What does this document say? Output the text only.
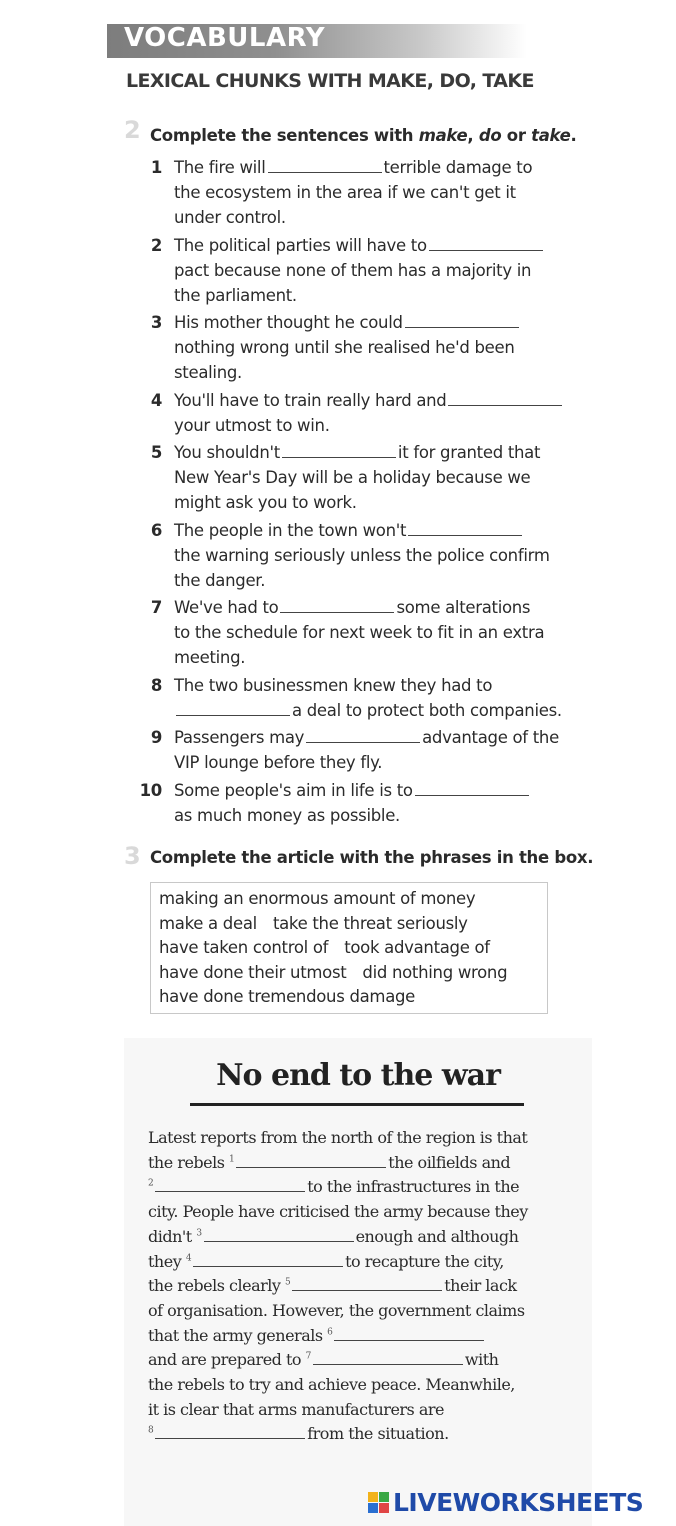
VOCABULARY
LEXICAL CHUNKS WITH MAKE, DO, TAKE
2 Complete the sentences with make, do or take.
1 The fire will	terrible damage to
the ecosystem in the area if we can't get it
under control.
2 The political parties will have to
pact because none of them has a majority in
the parliament.
3 His mother thought he could
nothing wrong until she realised he'd been
stealing.
4 You'll have to train really hard and
your utmost to win.
5 You shouldn't	it for granted that
New Year's Day will be a holiday because we
might ask you to work.
6 The people in the town won't
the warning seriously unless the police confirm
the danger.
7 We've had to	some alterations
to the schedule for next week to fit in an extra
meeting.
8 The two businessmen knew they had to
a deal to protect both companies.
9 Passengers may	advantage of the
VIP lounge before they fly.
10 Some people's aim in life is to
as much money as possible.
3 Complete the article with the phrases in the box.
making an enormous amount of money
make a deal take the threat seriously
have taken control of took advantage of
have done their utmost did nothing wrong
have done tremendous damage
No end to the war
Latest reports from the north of the region is that
the rebels $^1$	the oilfields and
$^2$	to the infrastructures in the
city. People have criticised the army because they
didn't $^3$	enough and although
they $^4$	to recapture the city,
the rebels clearly $^5$	their lack
of organisation. However, the government claims
that the army generals $^6$
and are prepared to $^7$	with
the rebels to try and achieve peace. Meanwhile,
it is clear that arms manufacturers are
$^8$	from the situation.
LIVEWORKSHEETS
